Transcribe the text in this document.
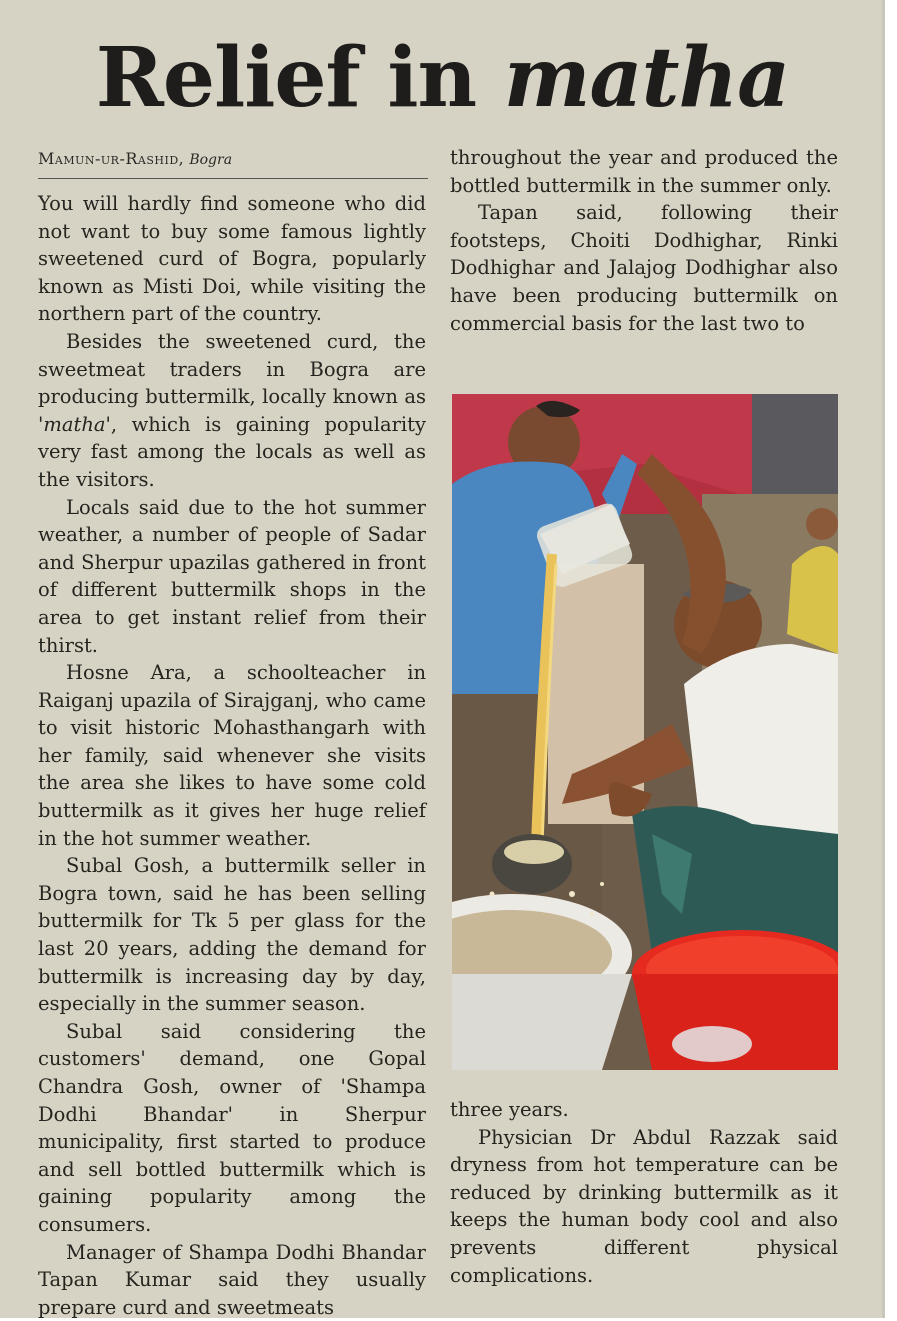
Relief in matha
Mamun-ur-Rashid, Bogra

You will hardly find someone who did not want to buy some famous lightly sweetened curd of Bogra, popularly known as Misti Doi, while visiting the northern part of the country.

Besides the sweetened curd, the sweetmeat traders in Bogra are producing buttermilk, locally known as 'matha', which is gaining popularity very fast among the locals as well as the visitors.

Locals said due to the hot summer weather, a number of people of Sadar and Sherpur upazilas gathered in front of different buttermilk shops in the area to get instant relief from their thirst.

Hosne Ara, a schoolteacher in Raiganj upazila of Sirajganj, who came to visit historic Mohasthangarh with her family, said whenever she visits the area she likes to have some cold buttermilk as it gives her huge relief in the hot summer weather.

Subal Gosh, a buttermilk seller in Bogra town, said he has been selling buttermilk for Tk 5 per glass for the last 20 years, adding the demand for buttermilk is increasing day by day, especially in the summer season.

Subal said considering the customers' demand, one Gopal Chandra Gosh, owner of 'Shampa Dodhi Bhandar' in Sherpur municipality, first started to produce and sell bottled buttermilk which is gaining popularity among the consumers.

Manager of Shampa Dodhi Bhandar Tapan Kumar said they usually prepare curd and sweetmeats

throughout the year and produced the bottled buttermilk in the summer only.

Tapan said, following their footsteps, Choiti Dodhighar, Rinki Dodhighar and Jalajog Dodhighar also have been producing buttermilk on commercial basis for the last two to

three years.

Physician Dr Abdul Razzak said dryness from hot temperature can be reduced by drinking buttermilk as it keeps the human body cool and also prevents different physical complications.
